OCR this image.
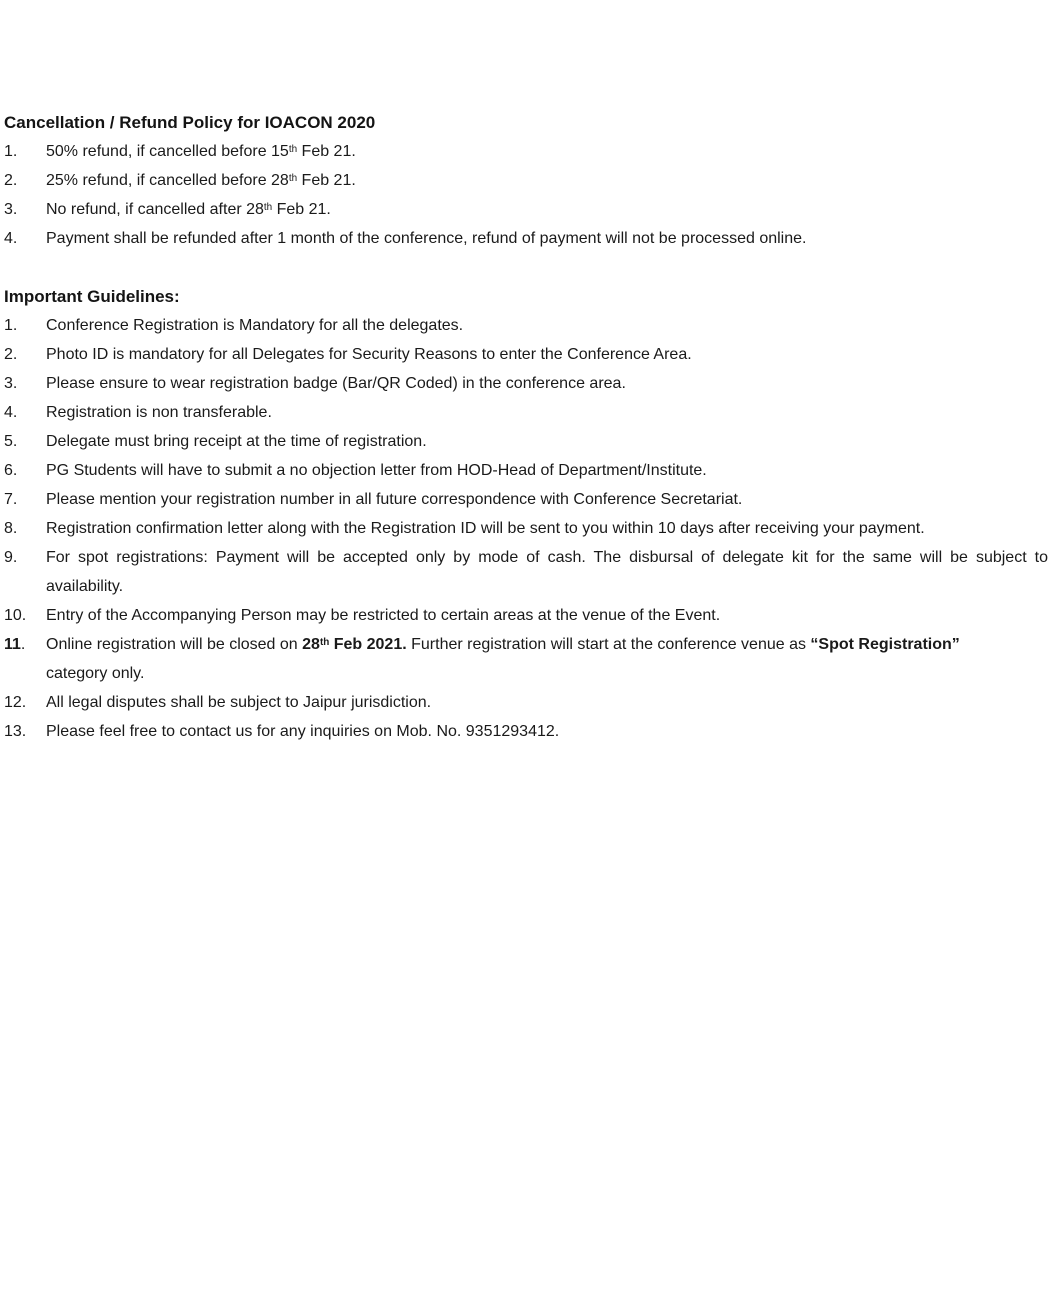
Cancellation / Refund Policy for IOACON 2020
1.	50% refund, if cancelled before 15th Feb 21.
2.	25% refund, if cancelled before 28th Feb 21.
3.	No refund, if cancelled after 28th Feb 21.
4.	Payment shall be refunded after 1 month of the conference, refund of payment will not be processed online.
Important Guidelines:
1.	Conference Registration is Mandatory for all the delegates.
2.	Photo ID is mandatory for all Delegates for Security Reasons to enter the Conference Area.
3.	Please ensure to wear registration badge (Bar/QR Coded) in the conference area.
4.	Registration is non transferable.
5.	Delegate must bring receipt at the time of registration.
6.	PG Students will have to submit a no objection letter from HOD-Head of Department/Institute.
7.	Please mention your registration number in all future correspondence with Conference Secretariat.
8.	Registration confirmation letter along with the Registration ID will be sent to you within 10 days after receiving your payment.
9.	For spot registrations: Payment will be accepted only by mode of cash. The disbursal of delegate kit for the same will be subject to
availability.
10.	Entry of the Accompanying Person may be restricted to certain areas at the venue of the Event.
11.	Online registration will be closed on 28th Feb 2021. Further registration will start at the conference venue as “Spot Registration”
category only.
12.	All legal disputes shall be subject to Jaipur jurisdiction.
13.	Please feel free to contact us for any inquiries on Mob. No. 9351293412.
